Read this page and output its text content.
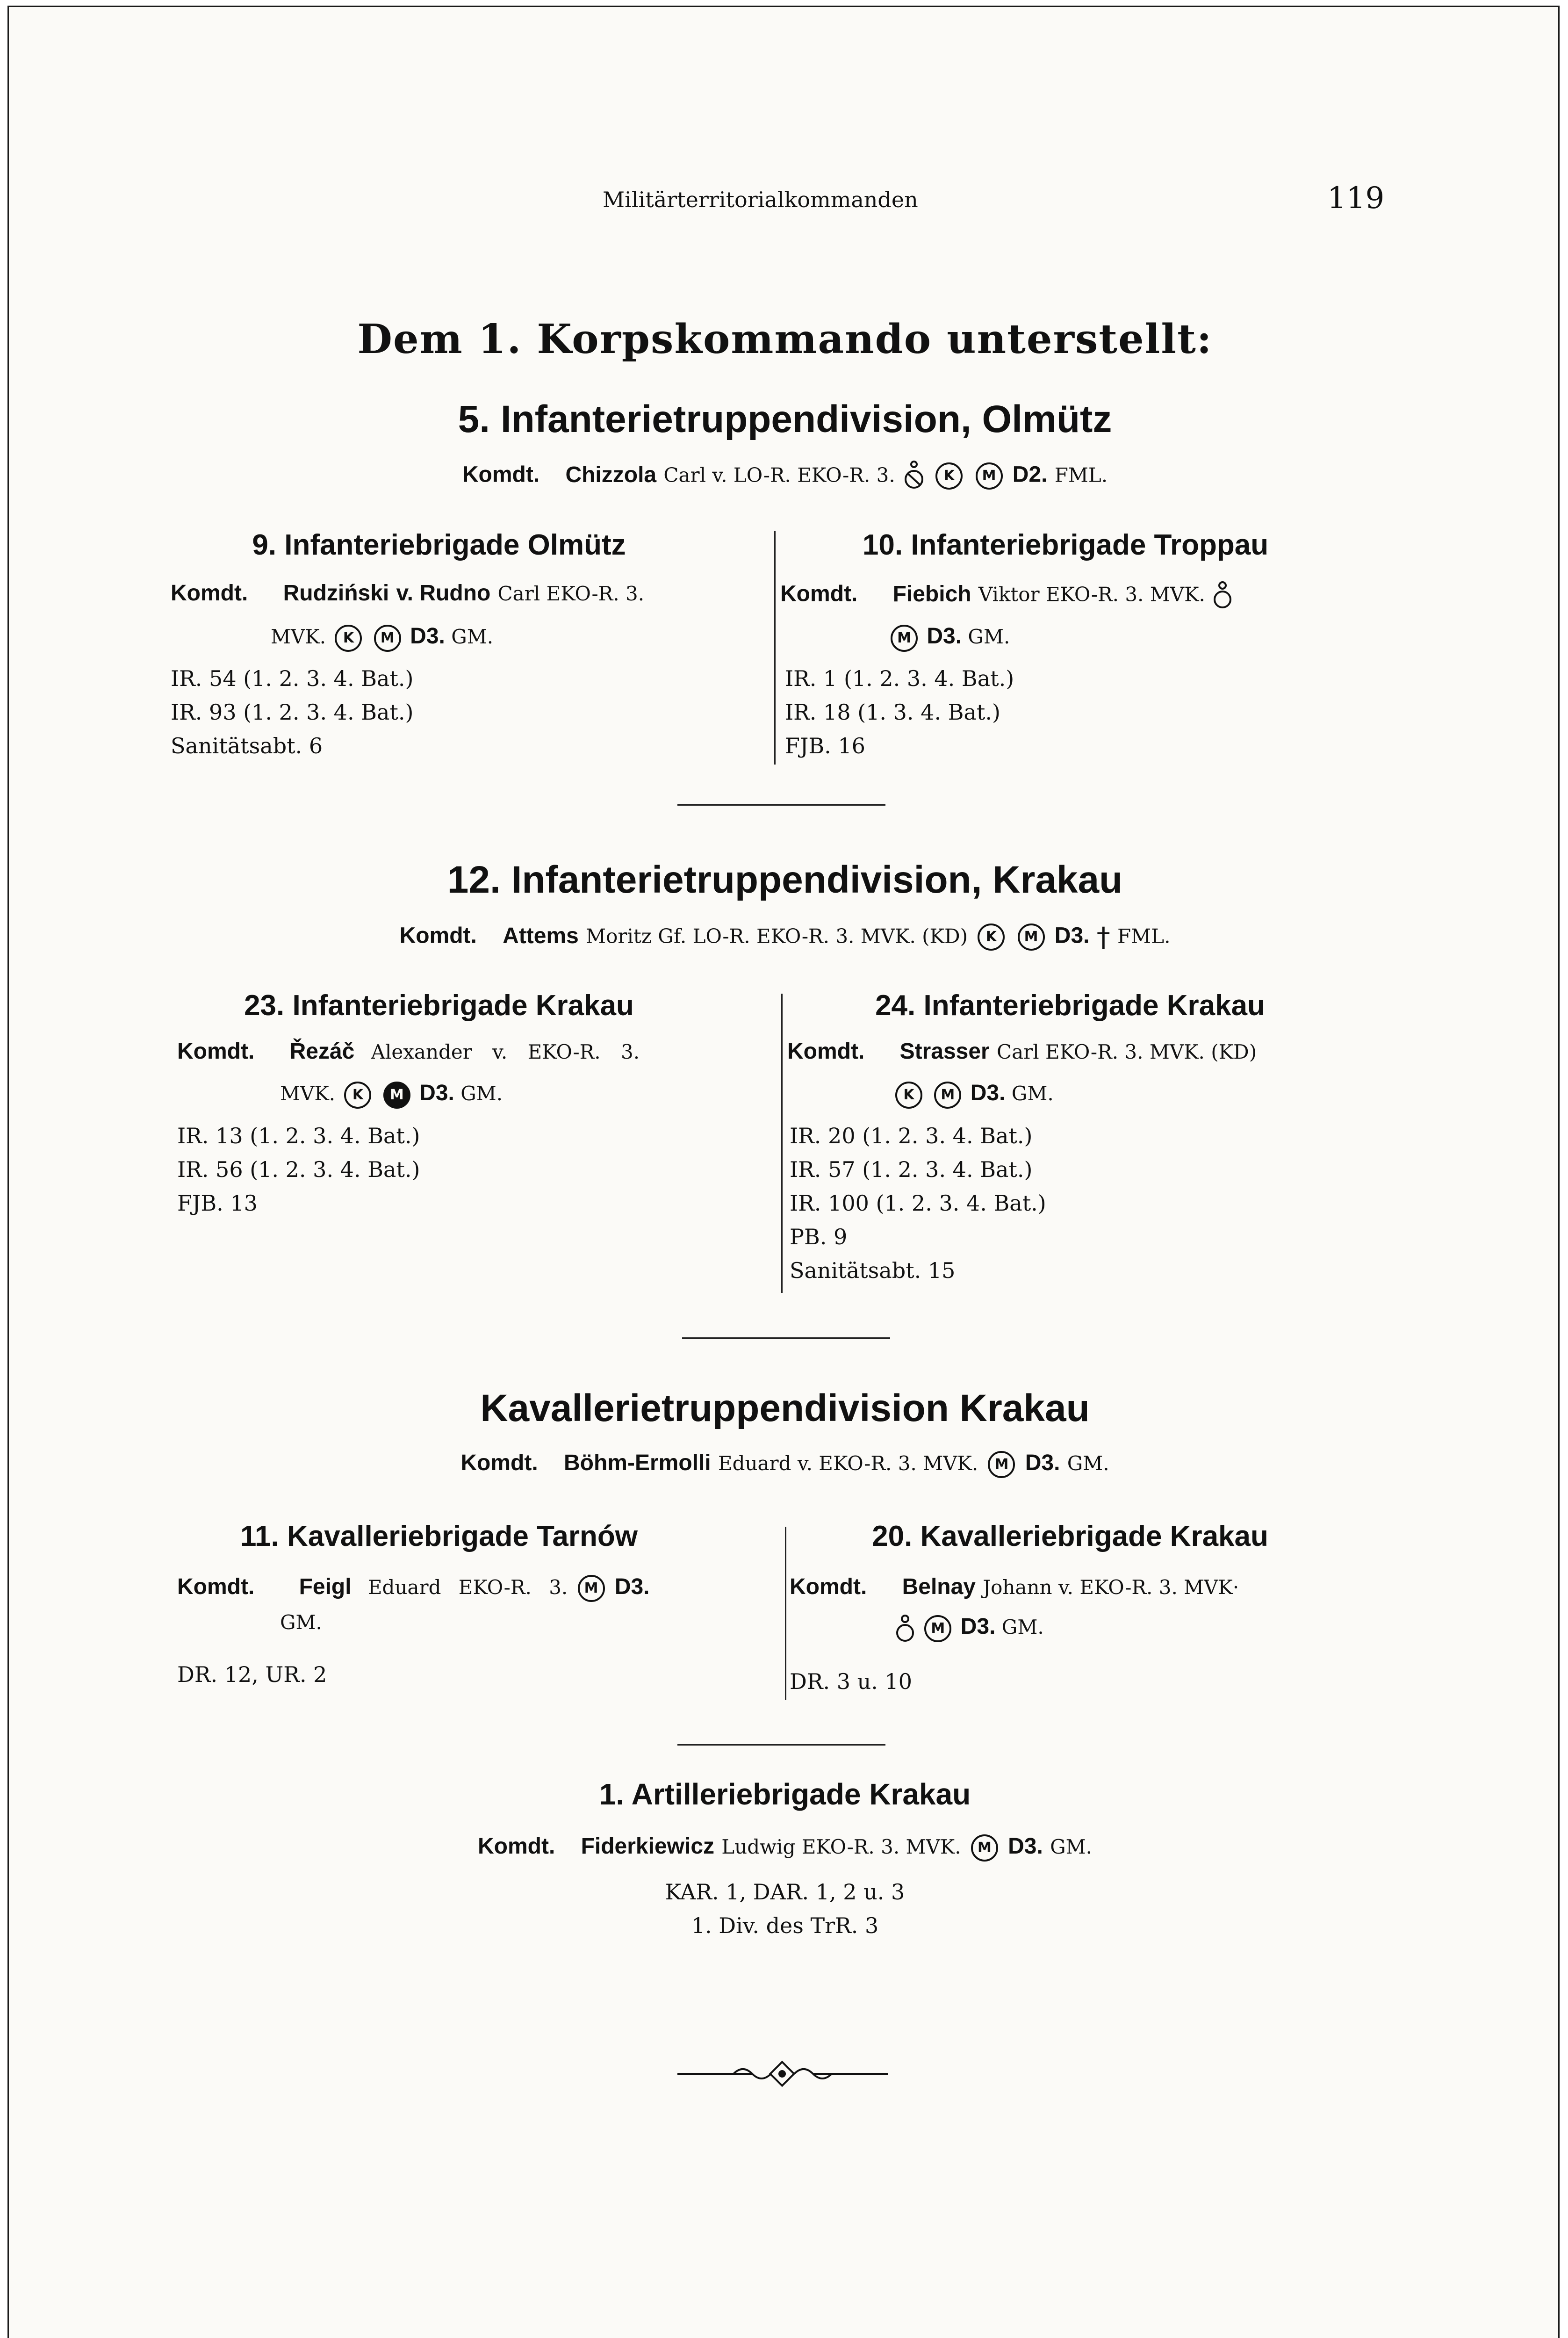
Militärterritorialkommanden	119
Dem 1. Korpskommando unterstellt:
5. Infanterietruppendivision, Olmütz
Komdt. Chizzola Carl v. LO-R. EKO-R. 3.	K M D2. FML.
9. Infanteriebrigade Olmütz
Komdt. Rudziński v. Rudno Carl EKO-R. 3.
MVK. K M D3. GM.
IR. 54 (1. 2. 3. 4. Bat.)
IR. 93 (1. 2. 3. 4. Bat.)
Sanitätsabt. 6
10. Infanteriebrigade Troppau
Komdt. Fiebich Viktor EKO-R. 3. MVK.
M D3. GM.
IR. 1 (1. 2. 3. 4. Bat.)
IR. 18 (1. 3. 4. Bat.)
FJB. 16
12. Infanterietruppendivision, Krakau
Komdt. Attems Moritz Gf. LO-R. EKO-R. 3. MVK. (KD) K M D3. † FML.
23. Infanteriebrigade Krakau
Komdt. Řezáč Alexander v. EKO-R. 3.
MVK. K M D3. GM.
IR. 13 (1. 2. 3. 4. Bat.)
IR. 56 (1. 2. 3. 4. Bat.)
FJB. 13
24. Infanteriebrigade Krakau
Komdt. Strasser Carl EKO-R. 3. MVK. (KD)
K M D3. GM.
IR. 20 (1. 2. 3. 4. Bat.)
IR. 57 (1. 2. 3. 4. Bat.)
IR. 100 (1. 2. 3. 4. Bat.)
PB. 9
Sanitätsabt. 15
Kavallerietruppendivision Krakau
Komdt. Böhm-Ermolli Eduard v. EKO-R. 3. MVK. M D3. GM.
11. Kavalleriebrigade Tarnów
Komdt. Feigl Eduard EKO-R. 3. M D3.
GM.
DR. 12, UR. 2
20. Kavalleriebrigade Krakau
Komdt. Belnay Johann v. EKO-R. 3. MVK·
M D3. GM.
DR. 3 u. 10
1. Artilleriebrigade Krakau
Komdt. Fiderkiewicz Ludwig EKO-R. 3. MVK. M D3. GM.
KAR. 1, DAR. 1, 2 u. 3
1. Div. des TrR. 3
